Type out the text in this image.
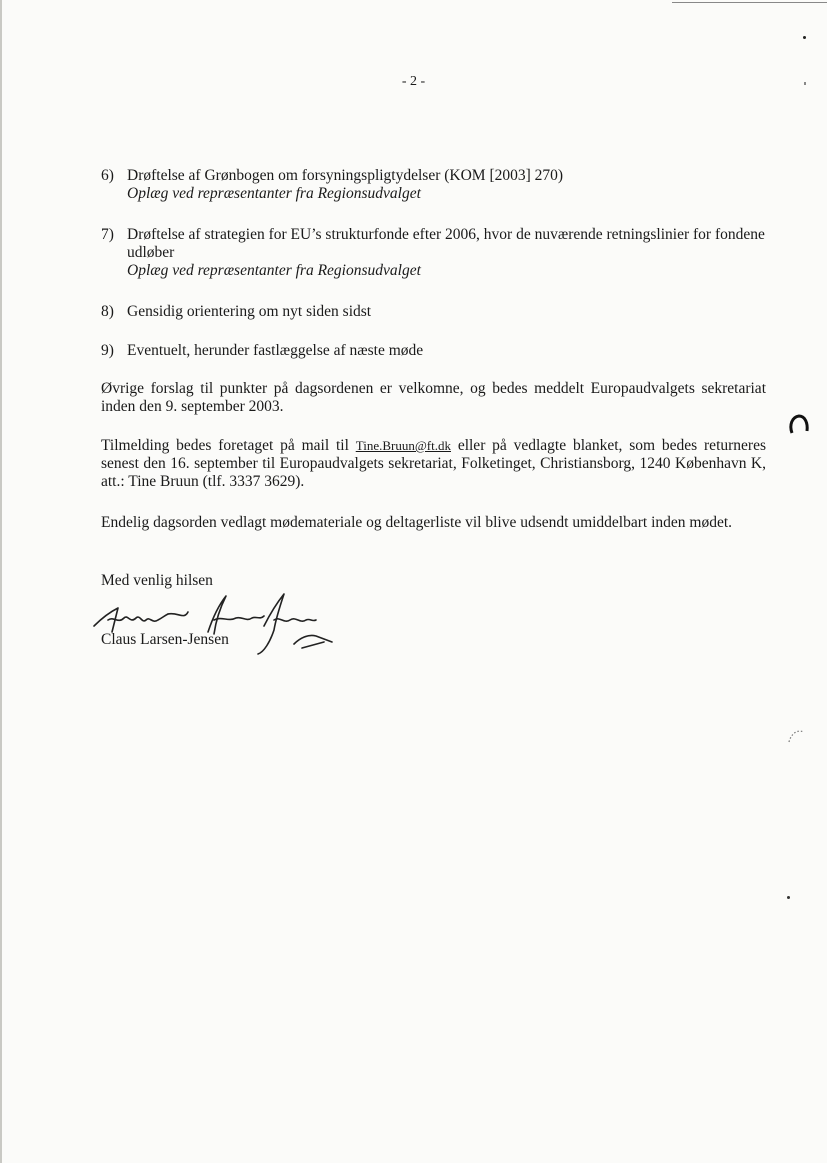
- 2 -
6) Drøftelse af Grønbogen om forsyningspligtydelser (KOM [2003] 270)
Oplæg ved repræsentanter fra Regionsudvalget
7) Drøftelse af strategien for EU’s strukturfonde efter 2006, hvor de nuværende retningslinier for fondene udløber
Oplæg ved repræsentanter fra Regionsudvalget
8) Gensidig orientering om nyt siden sidst
9) Eventuelt, herunder fastlæggelse af næste møde

Øvrige forslag til punkter på dagsordenen er velkomne, og bedes meddelt Europaudvalgets sekretariat inden den 9. september 2003.

Tilmelding bedes foretaget på mail til Tine.Bruun@ft.dk eller på vedlagte blanket, som bedes returneres senest den 16. september til Europaudvalgets sekretariat, Folketinget, Christiansborg, 1240 København K, att.: Tine Bruun (tlf. 3337 3629).

Endelig dagsorden vedlagt mødemateriale og deltagerliste vil blive udsendt umiddelbart inden mødet.

Med venlig hilsen
Claus Larsen-Jensen
